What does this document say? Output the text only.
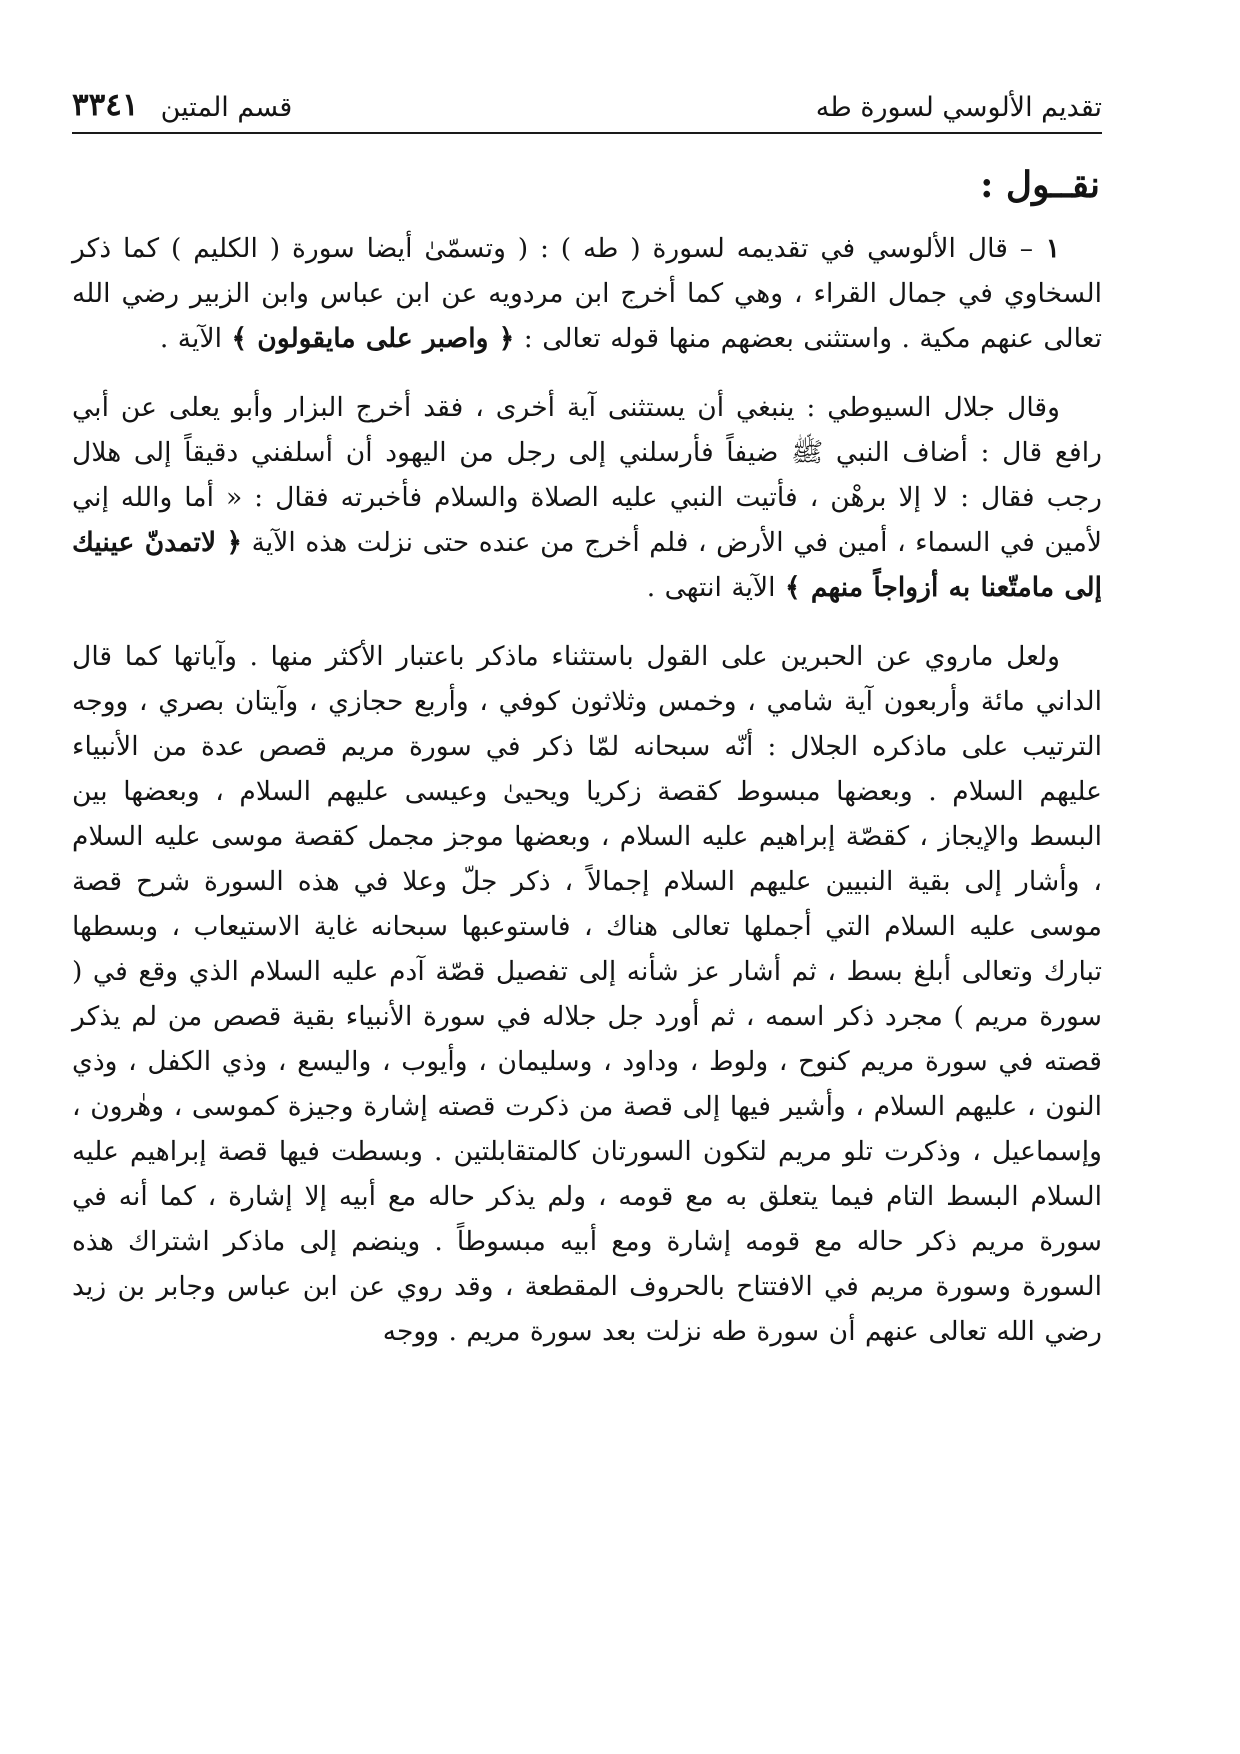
تقديم الألوسي لسورة طه
قسم المتين
٣٣٤١
نقــول :

١ – قال الألوسي في تقديمه لسورة ( طه ) : ( وتسمّىٰ أيضا سورة ( الكليم ) كما ذكر السخاوي في جمال القراء ، وهي كما أخرج ابن مردويه عن ابن عباس وابن الزبير رضي الله تعالى عنهم مكية . واستثنى بعضهم منها قوله تعالى : ﴿ واصبر على مايقولون ﴾ الآية .

وقال جلال السيوطي : ينبغي أن يستثنى آية أخرى ، فقد أخرج البزار وأبو يعلى عن أبي رافع قال : أضاف النبي ﷺ ضيفاً فأرسلني إلى رجل من اليهود أن أسلفني دقيقاً إلى هلال رجب فقال : لا إلا برهْن ، فأتيت النبي عليه الصلاة والسلام فأخبرته فقال : « أما والله إني لأمين في السماء ، أمين في الأرض ، فلم أخرج من عنده حتى نزلت هذه الآية ﴿ لاتمدنّ عينيك إلى مامتّعنا به أزواجاً منهم ﴾ الآية انتهى .

ولعل ماروي عن الحبرين على القول باستثناء ماذكر باعتبار الأكثر منها . وآياتها كما قال الداني مائة وأربعون آية شامي ، وخمس وثلاثون كوفي ، وأربع حجازي ، وآيتان بصري ، ووجه الترتيب على ماذكره الجلال : أنّه سبحانه لمّا ذكر في سورة مريم قصص عدة من الأنبياء عليهم السلام . وبعضها مبسوط كقصة زكريا ويحيىٰ وعيسى عليهم السلام ، وبعضها بين البسط والإيجاز ، كقصّة إبراهيم عليه السلام ، وبعضها موجز مجمل كقصة موسى عليه السلام ، وأشار إلى بقية النبيين عليهم السلام إجمالاً ، ذكر جلّ وعلا في هذه السورة شرح قصة موسى عليه السلام التي أجملها تعالى هناك ، فاستوعبها سبحانه غاية الاستيعاب ، وبسطها تبارك وتعالى أبلغ بسط ، ثم أشار عز شأنه إلى تفصيل قصّة آدم عليه السلام الذي وقع في ( سورة مريم ) مجرد ذكر اسمه ، ثم أورد جل جلاله في سورة الأنبياء بقية قصص من لم يذكر قصته في سورة مريم كنوح ، ولوط ، وداود ، وسليمان ، وأيوب ، واليسع ، وذي الكفل ، وذي النون ، عليهم السلام ، وأشير فيها إلى قصة من ذكرت قصته إشارة وجيزة كموسى ، وهٰرون ، وإسماعيل ، وذكرت تلو مريم لتكون السورتان كالمتقابلتين . وبسطت فيها قصة إبراهيم عليه السلام البسط التام فيما يتعلق به مع قومه ، ولم يذكر حاله مع أبيه إلا إشارة ، كما أنه في سورة مريم ذكر حاله مع قومه إشارة ومع أبيه مبسوطاً . وينضم إلى ماذكر اشتراك هذه السورة وسورة مريم في الافتتاح بالحروف المقطعة ، وقد روي عن ابن عباس وجابر بن زيد رضي الله تعالى عنهم أن سورة طه نزلت بعد سورة مريم . ووجه
